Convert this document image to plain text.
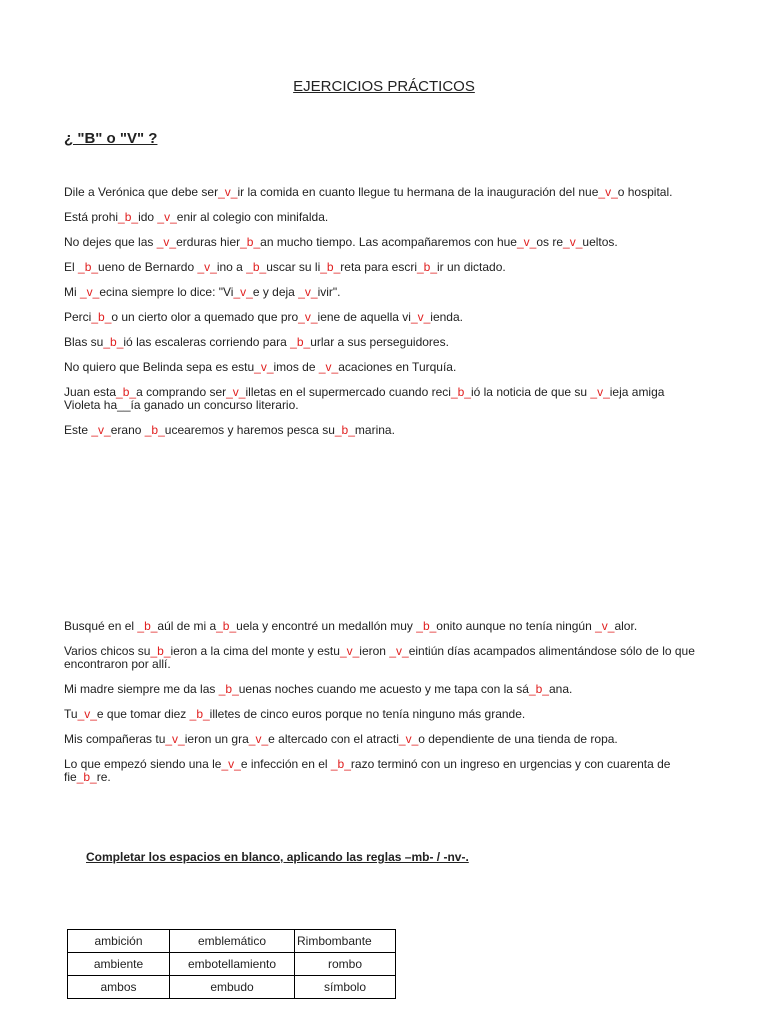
EJERCICIOS PRÁCTICOS
¿ "B" o "V" ?

Dile a Verónica que debe ser_v_ir la comida en cuanto llegue tu hermana de la inauguración del nue_v_o hospital.

Está prohi_b_ido _v_enir al colegio con minifalda.

No dejes que las _v_erduras hier_b_an mucho tiempo. Las acompañaremos con hue_v_os re_v_ueltos.

El _b_ueno de Bernardo _v_ino a _b_uscar su li_b_reta para escri_b_ir un dictado.

Mi _v_ecina siempre lo dice: "Vi_v_e y deja _v_ivir".

Perci_b_o un cierto olor a quemado que pro_v_iene de aquella vi_v_ienda.

Blas su_b_ió las escaleras corriendo para _b_urlar a sus perseguidores.

No quiero que Belinda sepa es estu_v_imos de _v_acaciones en Turquía.

Juan esta_b_a comprando ser_v_illetas en el supermercado cuando reci_b_ió la noticia de que su _v_ieja amiga Violeta ha__ía ganado un concurso literario.

Este _v_erano _b_ucearemos y haremos pesca su_b_marina.

Busqué en el _b_aúl de mi a_b_uela y encontré un medallón muy _b_onito aunque no tenía ningún _v_alor.

Varios chicos su_b_ieron a la cima del monte y estu_v_ieron _v_eintiún días acampados alimentándose sólo de lo que encontraron por allí.

Mi madre siempre me da las _b_uenas noches cuando me acuesto y me tapa con la sá_b_ana.

Tu_v_e que tomar diez _b_illetes de cinco euros porque no tenía ninguno más grande.

Mis compañeras tu_v_ieron un gra_v_e altercado con el atracti_v_o dependiente de una tienda de ropa.

Lo que empezó siendo una le_v_e infección en el _b_razo terminó con un ingreso en urgencias y con cuarenta de fie_b_re.

Completar los espacios en blanco, aplicando las reglas –mb- / -nv-.
ambición	emblemático	Rimbombante
ambiente	embotellamiento	rombo
ambos	embudo	símbolo
